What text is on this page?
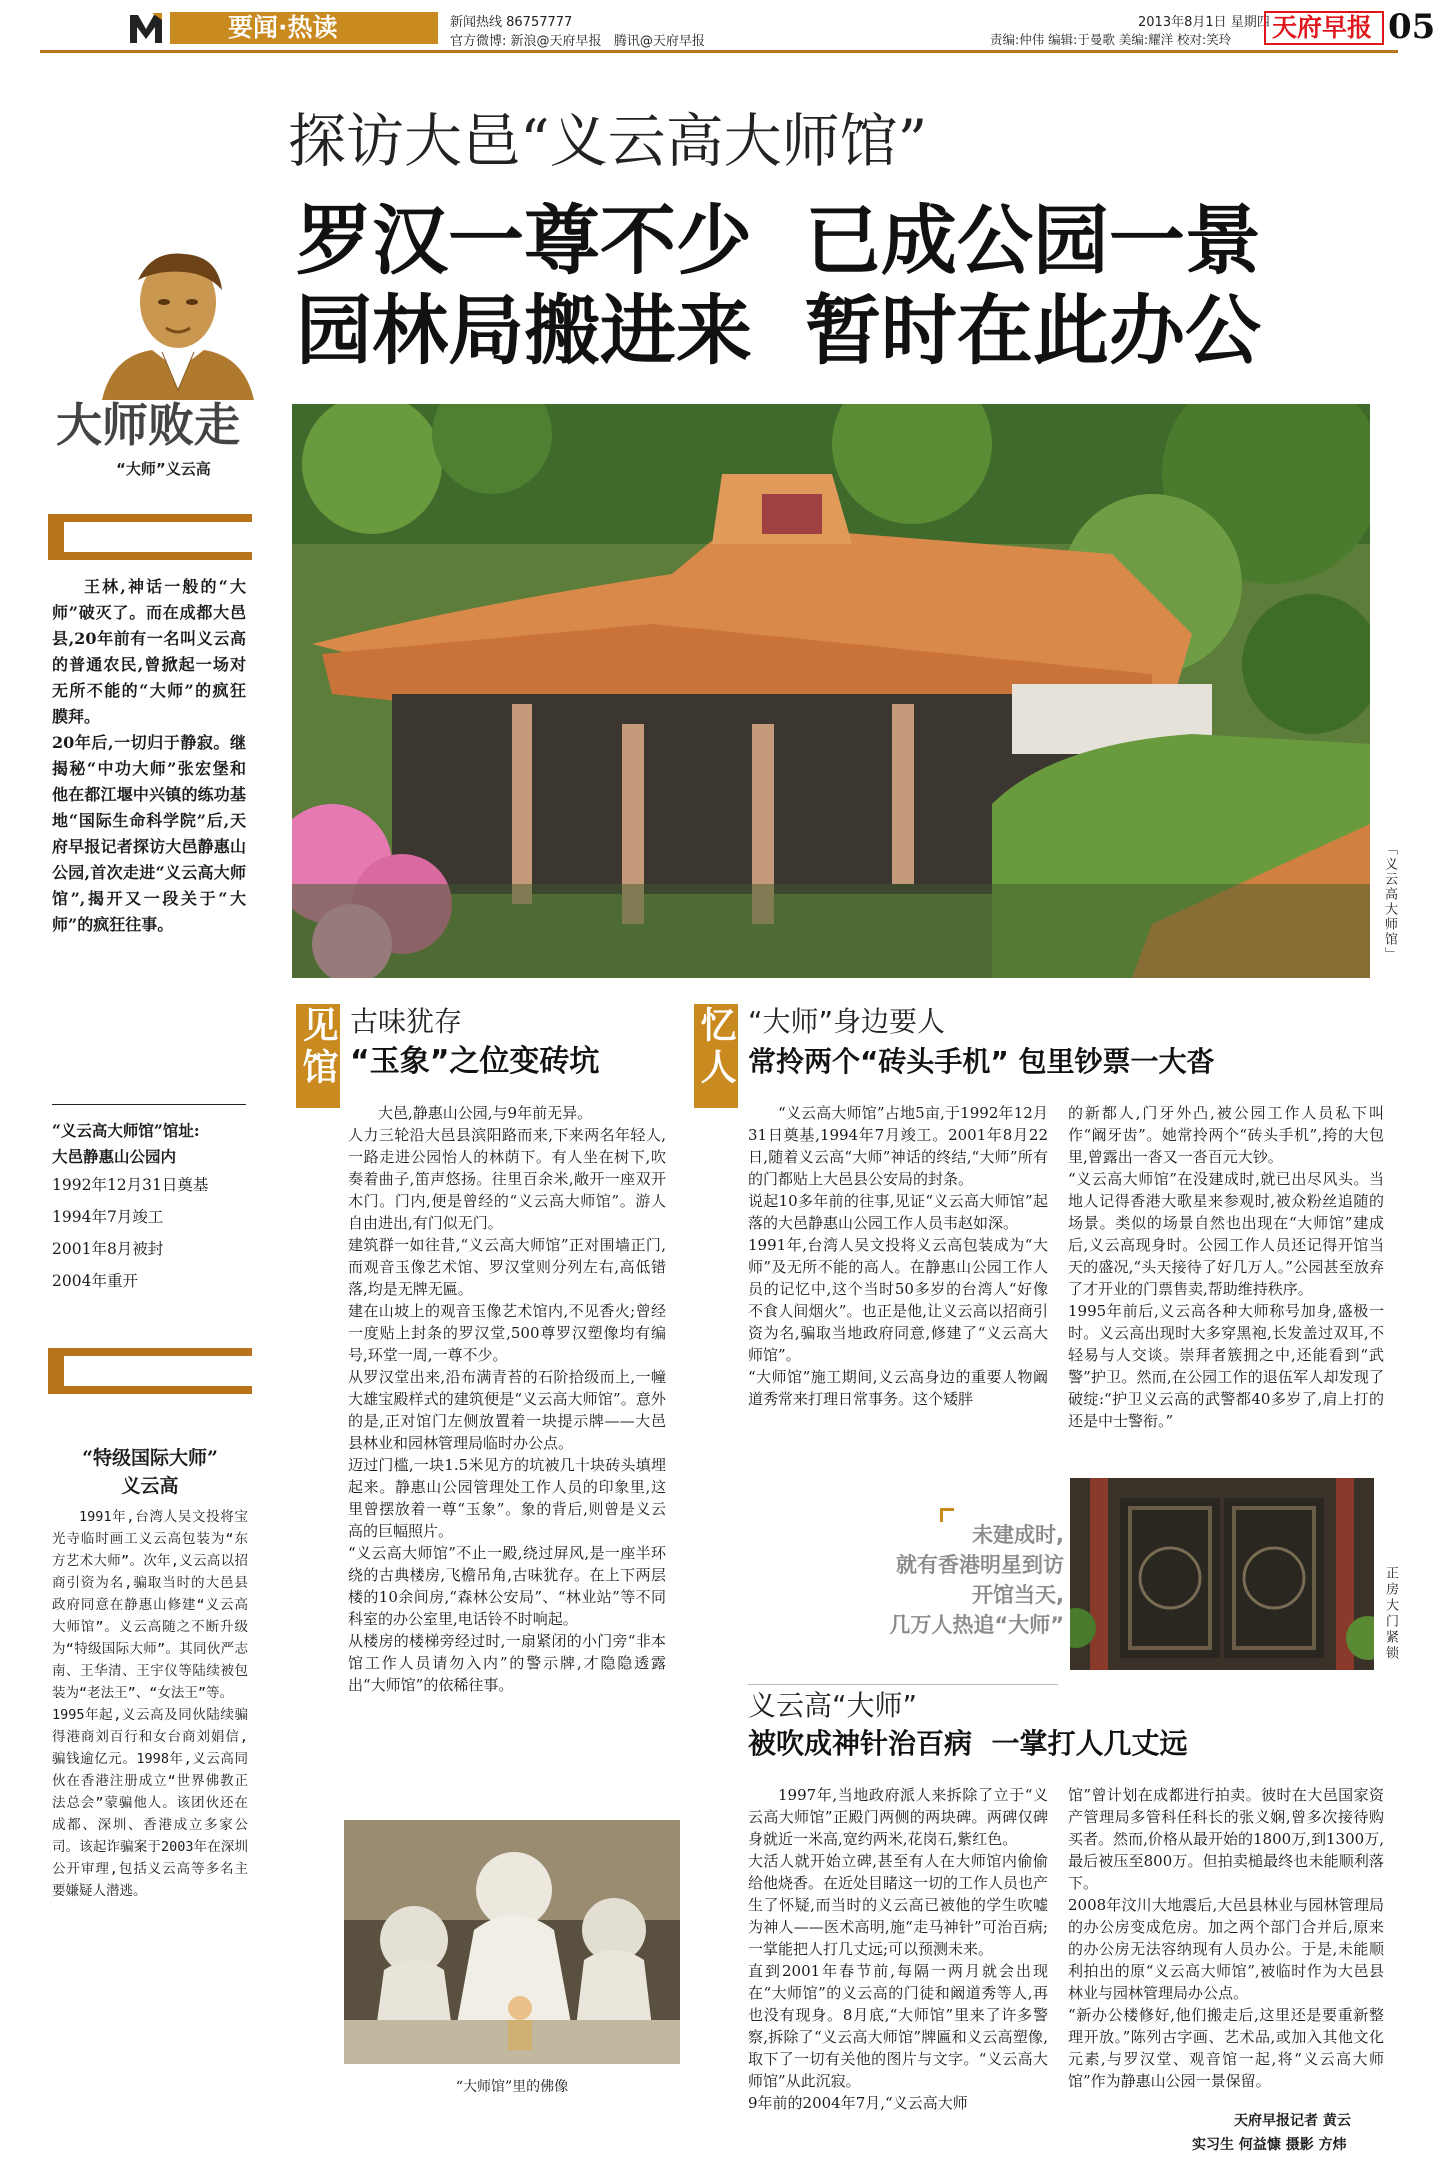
要闻·热读	新闻热线 86757777
官方微博: 新浪@天府早报   腾讯@天府早报
2013年8月1日 星期四
责编:仲伟 编辑:于曼歌 美编:耀洋 校对:笑玲 天府早报 05
探访大邑“义云高大师馆”
罗汉一尊不少  已成公园一景
园林局搬进来  暂时在此办公
大师败走
“大师”义云高
王林,神话一般的“大师”破灭了。而在成都大邑县,20年前有一名叫义云高的普通农民,曾掀起一场对无所不能的“大师”的疯狂膜拜。
20年后,一切归于静寂。继揭秘“中功大师”张宏堡和他在都江堰中兴镇的练功基地“国际生命科学院”后,天府早报记者探访大邑静惠山公园,首次走进“义云高大师馆”,揭开又一段关于“大师”的疯狂往事。
“义云高大师馆”馆址:
大邑静惠山公园内
1992年12月31日奠基
1994年7月竣工
2001年8月被封
2004年重开
“特级国际大师”
义云高
1991年,台湾人吴文投将宝光寺临时画工义云高包装为“东方艺术大师”。次年,义云高以招商引资为名,骗取当时的大邑县政府同意在静惠山修建“义云高大师馆”。义云高随之不断升级为“特级国际大师”。其同伙严志南、王华清、王宇仪等陆续被包装为“老法王”、“女法王”等。
1995年起,义云高及同伙陆续骗得港商刘百行和女台商刘娟信,骗钱逾亿元。1998年,义云高同伙在香港注册成立“世界佛教正法总会”蒙骗他人。该团伙还在成都、深圳、香港成立多家公司。该起诈骗案于2003年在深圳公开审理,包括义云高等多名主要嫌疑人潜逃。
「义云高大师馆」
见馆 古味犹存
“玉象”之位变砖坑
大邑,静惠山公园,与9年前无异。
人力三轮沿大邑县滨阳路而来,下来两名年轻人,一路走进公园怡人的林荫下。有人坐在树下,吹奏着曲子,笛声悠扬。往里百余米,敞开一座双开木门。门内,便是曾经的“义云高大师馆”。游人自由进出,有门似无门。
建筑群一如往昔,“义云高大师馆”正对围墙正门,而观音玉像艺术馆、罗汉堂则分列左右,高低错落,均是无牌无匾。
建在山坡上的观音玉像艺术馆内,不见香火;曾经一度贴上封条的罗汉堂,500尊罗汉塑像均有编号,环堂一周,一尊不少。
从罗汉堂出来,沿布满青苔的石阶拾级而上,一幢大雄宝殿样式的建筑便是“义云高大师馆”。意外的是,正对馆门左侧放置着一块提示牌——大邑县林业和园林管理局临时办公点。
迈过门槛,一块1.5米见方的坑被几十块砖头填埋起来。静惠山公园管理处工作人员的印象里,这里曾摆放着一尊“玉象”。象的背后,则曾是义云高的巨幅照片。
“义云高大师馆”不止一殿,绕过屏风,是一座半环绕的古典楼房,飞檐吊角,古味犹存。在上下两层楼的10余间房,“森林公安局”、“林业站”等不同科室的办公室里,电话铃不时响起。
从楼房的楼梯旁经过时,一扇紧闭的小门旁“非本馆工作人员请勿入内”的警示牌,才隐隐透露出“大师馆”的依稀往事。
“大师馆”里的佛像
忆人 “大师”身边要人
常拎两个“砖头手机” 包里钞票一大沓
“义云高大师馆”占地5亩,于1992年12月31日奠基,1994年7月竣工。2001年8月22日,随着义云高“大师”神话的终结,“大师”所有的门都贴上大邑县公安局的封条。
说起10多年前的往事,见证“义云高大师馆”起落的大邑静惠山公园工作人员韦赵如深。
1991年,台湾人吴文投将义云高包装成为“大师”及无所不能的高人。在静惠山公园工作人员的记忆中,这个当时50多岁的台湾人“好像不食人间烟火”。也正是他,让义云高以招商引资为名,骗取当地政府同意,修建了“义云高大师馆”。
“大师馆”施工期间,义云高身边的重要人物阚道秀常来打理日常事务。这个矮胖
的新都人,门牙外凸,被公园工作人员私下叫作“阚牙齿”。她常拎两个“砖头手机”,挎的大包里,曾露出一沓又一沓百元大钞。
“义云高大师馆”在没建成时,就已出尽风头。当地人记得香港大歌星来参观时,被众粉丝追随的场景。类似的场景自然也出现在“大师馆”建成后,义云高现身时。公园工作人员还记得开馆当天的盛况,“头天接待了好几万人。”公园甚至放弃了才开业的门票售卖,帮助维持秩序。
1995年前后,义云高各种大师称号加身,盛极一时。义云高出现时大多穿黑袍,长发盖过双耳,不轻易与人交谈。崇拜者簇拥之中,还能看到“武警”护卫。然而,在公园工作的退伍军人却发现了破绽:“护卫义云高的武警都40多岁了,肩上打的还是中士警衔。”
未建成时,
就有香港明星到访
开馆当天,
几万人热追“大师”	正房大门紧锁
义云高“大师”
被吹成神针治百病  一掌打人几丈远
1997年,当地政府派人来拆除了立于“义云高大师馆”正殿门两侧的两块碑。两碑仅碑身就近一米高,宽约两米,花岗石,紫红色。
大活人就开始立碑,甚至有人在大师馆内偷偷给他烧香。在近处目睹这一切的工作人员也产生了怀疑,而当时的义云高已被他的学生吹嘘为神人——医术高明,施“走马神针”可治百病;一掌能把人打几丈远;可以预测未来。
直到2001年春节前,每隔一两月就会出现在“大师馆”的义云高的门徒和阚道秀等人,再也没有现身。8月底,“大师馆”里来了许多警察,拆除了“义云高大师馆”牌匾和义云高塑像,取下了一切有关他的图片与文字。“义云高大师馆”从此沉寂。
9年前的2004年7月,“义云高大师
馆”曾计划在成都进行拍卖。彼时在大邑国家资产管理局多管科任科长的张义娴,曾多次接待购买者。然而,价格从最开始的1800万,到1300万,最后被压至800万。但拍卖槌最终也未能顺利落下。
2008年汶川大地震后,大邑县林业与园林管理局的办公房变成危房。加之两个部门合并后,原来的办公房无法容纳现有人员办公。于是,未能顺利拍出的原“义云高大师馆”,被临时作为大邑县林业与园林管理局办公点。
“新办公楼修好,他们搬走后,这里还是要重新整理开放。”陈列古字画、艺术品,或加入其他文化元素,与罗汉堂、观音馆一起,将“义云高大师馆”作为静惠山公园一景保留。
天府早报记者 黄云
实习生 何益慷 摄影 方炜
